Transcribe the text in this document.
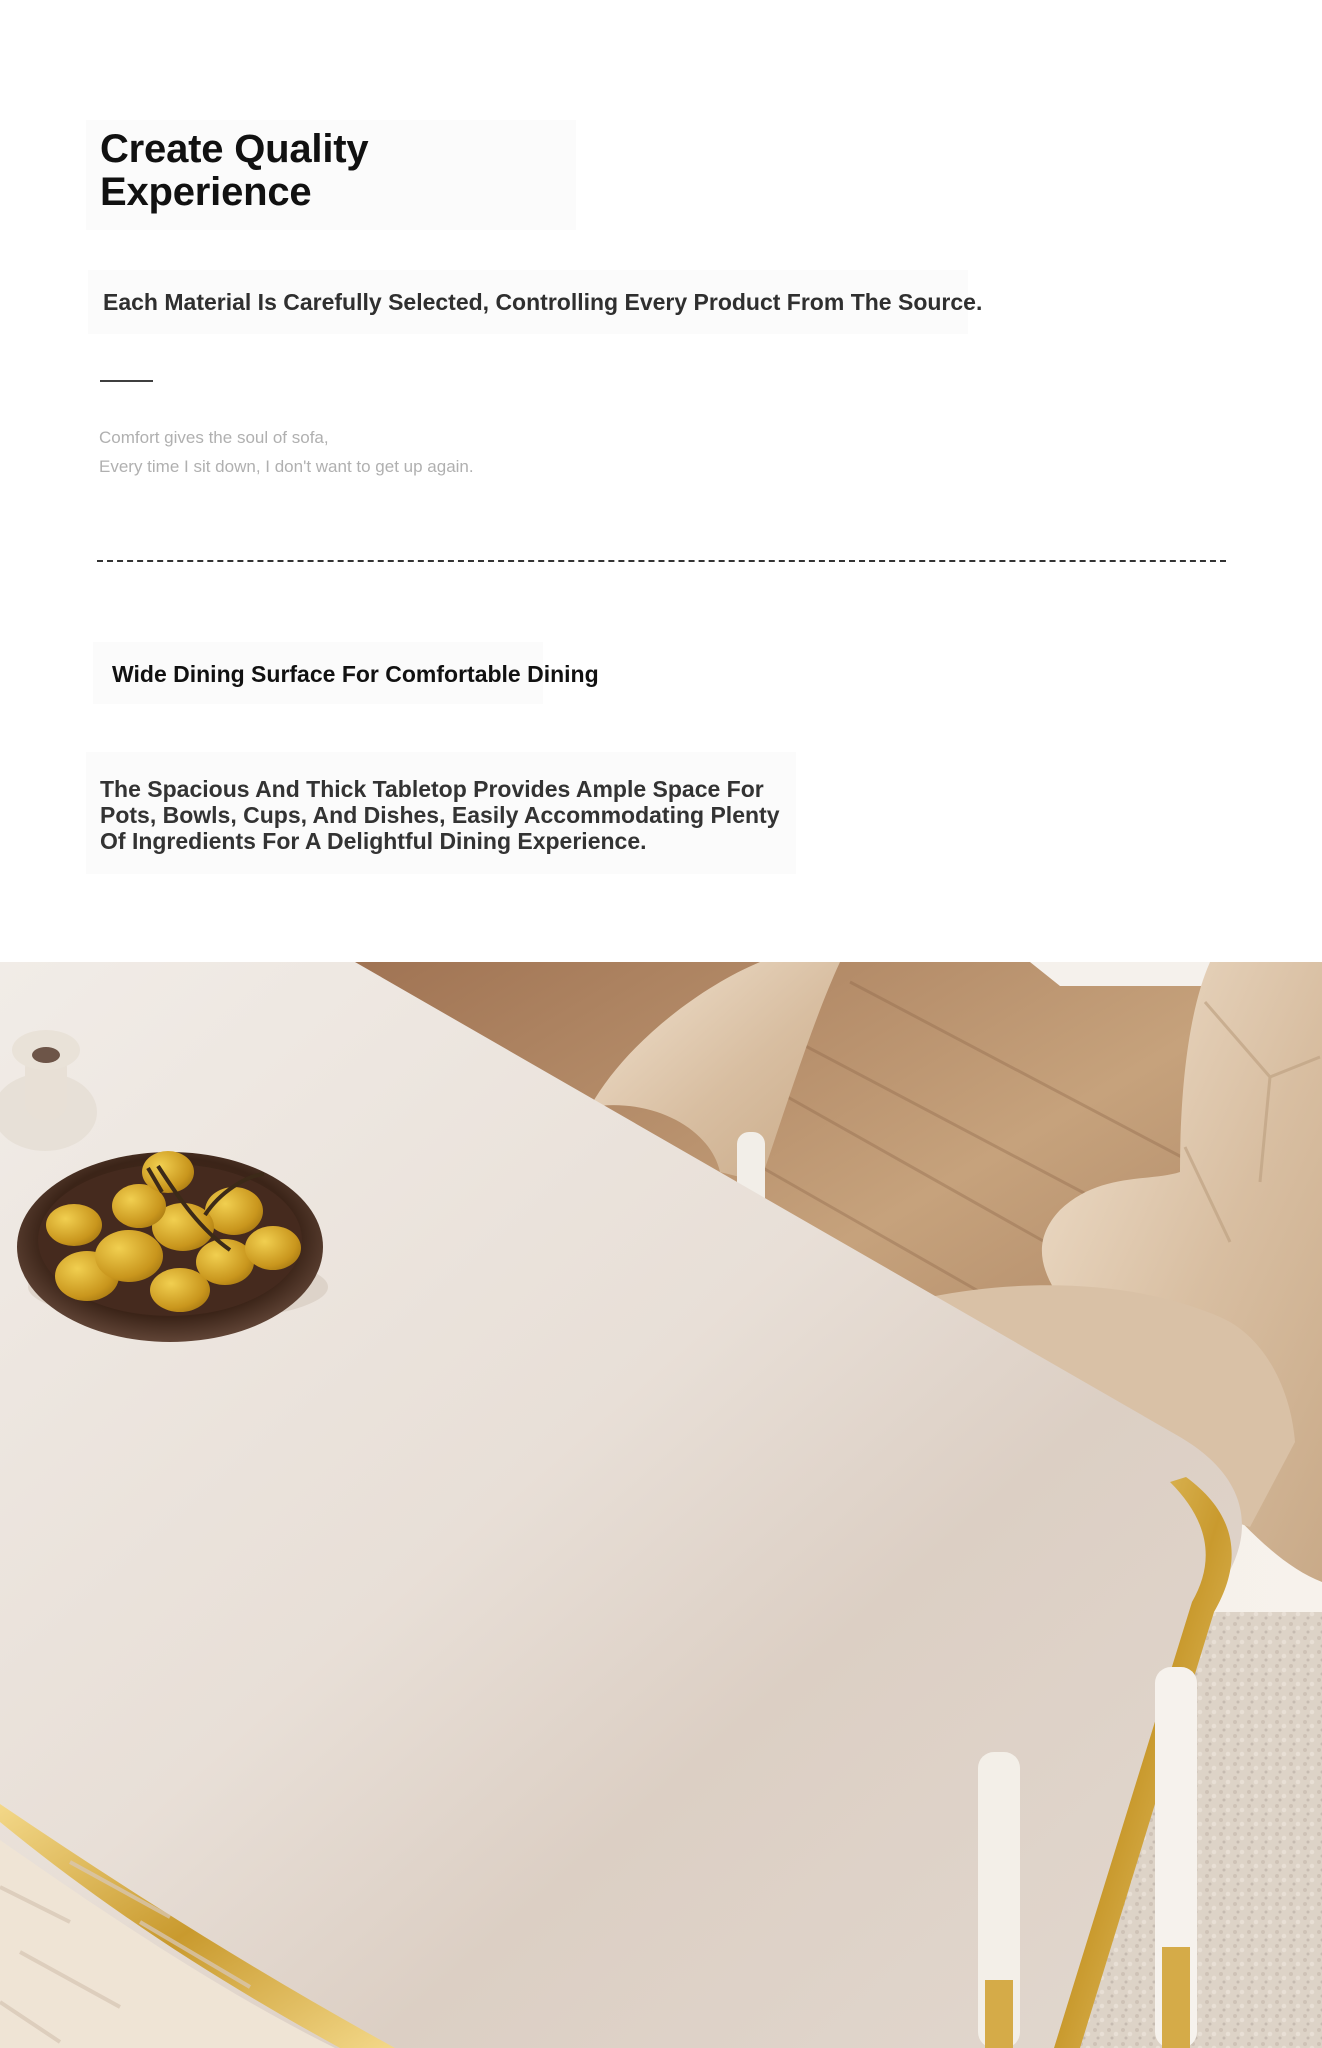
Create Quality Experience

Each Material Is Carefully Selected, Controlling Every Product From The Source.

Comfort gives the soul of sofa,

Every time I sit down, I don't want to get up again.

Wide Dining Surface For Comfortable Dining

The Spacious And Thick Tabletop Provides Ample Space For Pots, Bowls, Cups, And Dishes, Easily Accommodating Plenty Of Ingredients For A Delightful Dining Experience.
